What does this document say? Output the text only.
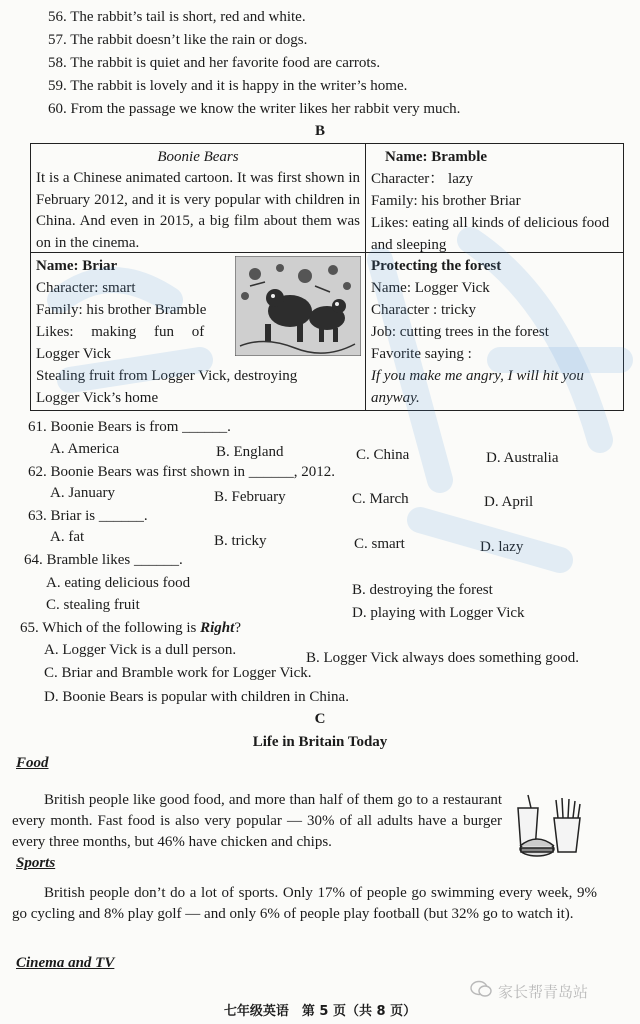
56. The rabbit’s tail is short, red and white.
57. The rabbit doesn’t like the rain or dogs.
58. The rabbit is quiet and her favorite food are carrots.
59. The rabbit is lovely and it is happy in the writer’s home.
60. From the passage we know the writer likes her rabbit very much.
B
Boonie Bears
It is a Chinese animated cartoon. It was first shown in February 2012, and it is very popular with children in China. And even in 2015, a big film about them was on in the cinema.
Name: Bramble
Character： lazy
Family: his brother Briar
Likes: eating all kinds of delicious food and sleeping
Name: Briar
Character: smart
Family: his brother Bramble
Likes: making fun of
Logger Vick
Stealing fruit from Logger Vick, destroying
Logger Vick’s home
Protecting the forest
Name: Logger Vick
Character : tricky
Job: cutting trees in the forest
Favorite saying :
If you make me angry, I will hit you
anyway.
61. Boonie Bears is from ______.
A. America	B. England	C. China	D. Australia
62. Boonie Bears was first shown in ______, 2012.
A. January	B. February	C. March	D. April
63. Briar is ______.
A. fat	B. tricky	C. smart	D. lazy
64. Bramble likes ______.
A. eating delicious food	B. destroying the forest
C. stealing fruit	D. playing with Logger Vick
65. Which of the following is Right?
A. Logger Vick is a dull person.	B. Logger Vick always does something good.
C. Briar and Bramble work for Logger Vick.
D. Boonie Bears is popular with children in China.
C
Life in Britain Today
Food
British people like good food, and more than half of them go to a restaurant every month. Fast food is also very popular — 30% of all adults have a burger every three months, but 46% have chicken and chips.
Sports
British people don’t do a lot of sports. Only 17% of people go swimming every week, 9% go cycling and 8% play golf — and only 6% of people play football (but 32% go to watch it).
Cinema and TV
七年级英语　第 5 页（共 8 页）
家长帮青岛站
